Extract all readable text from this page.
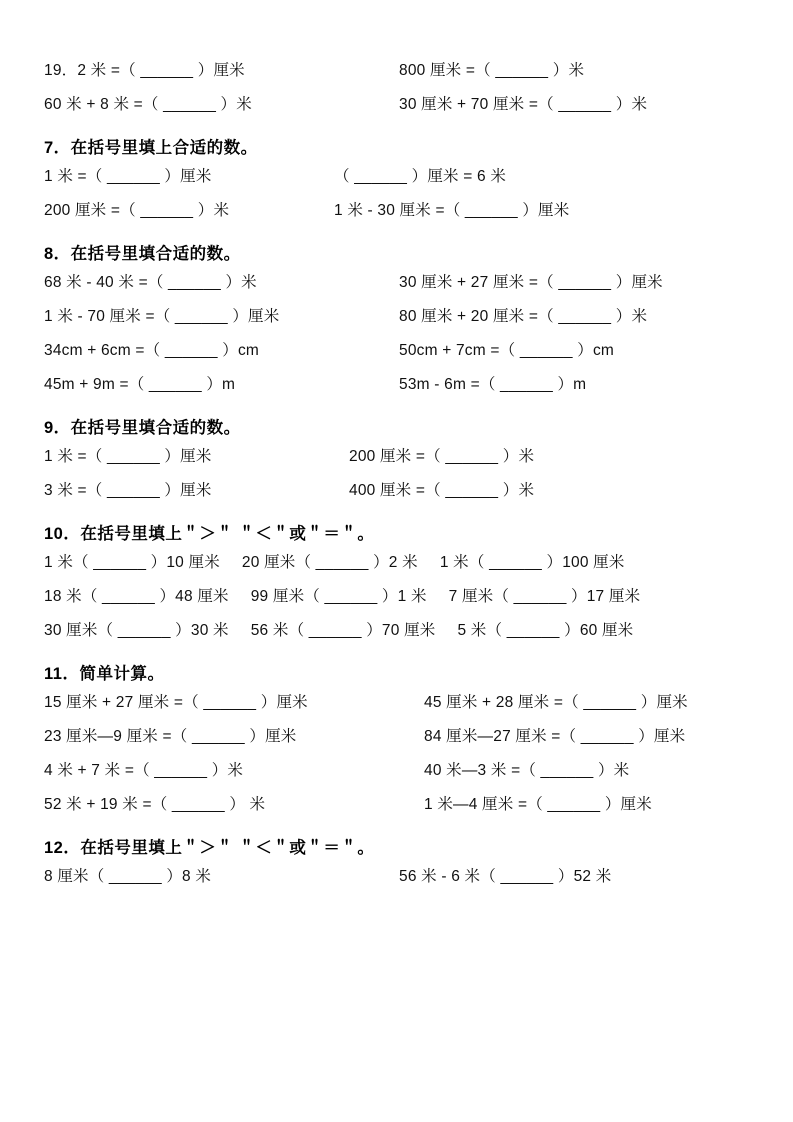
19．2 米 =（ ______ ）厘米	800 厘米 =（ ______ ）米
60 米 + 8 米 =（ ______ ）米	30 厘米 + 70 厘米 =（ ______ ）米
7．在括号里填上合适的数。
1 米 =（ ______ ）厘米	（ ______ ）厘米 = 6 米
200 厘米 =（ ______ ）米	1 米 - 30 厘米 =（ ______ ）厘米
8．在括号里填合适的数。
68 米 - 40 米 =（ ______ ）米	30 厘米 + 27 厘米 =（ ______ ）厘米
1 米 - 70 厘米 =（ ______ ）厘米	80 厘米 + 20 厘米 =（ ______ ）米
34cm + 6cm =（ ______ ）cm	50cm + 7cm =（ ______ ）cm
45m + 9m =（ ______ ）m	53m - 6m =（ ______ ）m
9．在括号里填合适的数。
1 米 =（ ______ ）厘米	200 厘米 =（ ______ ）米
3 米 =（ ______ ）厘米	400 厘米 =（ ______ ）米
10．在括号里填上＂＞＂ ＂＜＂或＂＝＂。
1 米（ ______ ）10 厘米 20 厘米（ ______ ）2 米 1 米（ ______ ）100 厘米
18 米（ ______ ）48 厘米 99 厘米（ ______ ）1 米 7 厘米（ ______ ）17 厘米
30 厘米（ ______ ）30 米 56 米（ ______ ）70 厘米 5 米（ ______ ）60 厘米
11．简单计算。
15 厘米 + 27 厘米 =（ ______ ）厘米	45 厘米 + 28 厘米 =（ ______ ）厘米
23 厘米—9 厘米 =（ ______ ）厘米	84 厘米—27 厘米 =（ ______ ）厘米
4 米 + 7 米 =（ ______ ）米	40 米—3 米 =（ ______ ）米
52 米 + 19 米 =（ ______ ） 米	1 米—4 厘米 =（ ______ ）厘米
12．在括号里填上＂＞＂ ＂＜＂或＂＝＂。
8 厘米（ ______ ）8 米	56 米 - 6 米（ ______ ）52 米
